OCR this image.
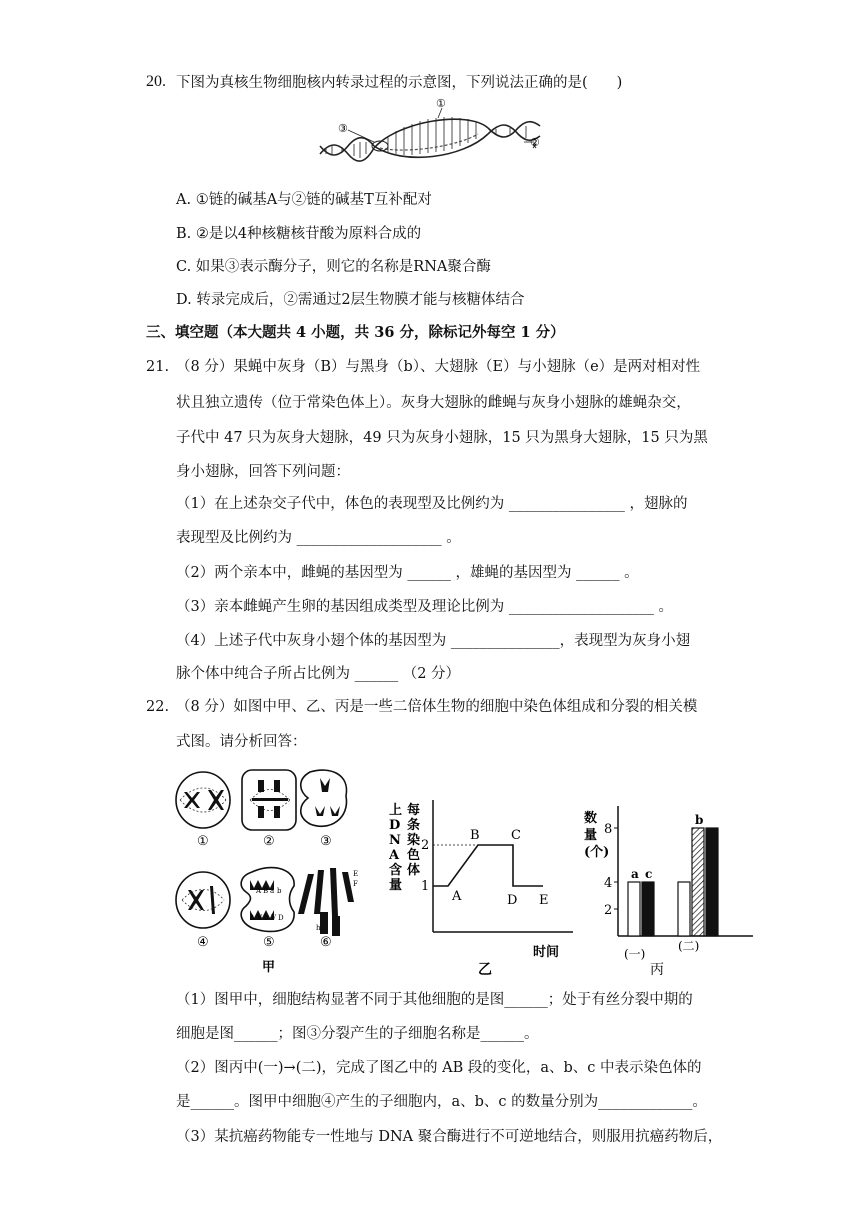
20. 下图为真核生物细胞核内转录过程的示意图，下列说法正确的是(　　)
①
②
③
A. ①链的碱基A与②链的碱基T互补配对
B. ②是以4种核糖核苷酸为原料合成的
C. 如果③表示酶分子，则它的名称是RNA聚合酶
D. 转录完成后，②需通过2层生物膜才能与核糖体结合
三、填空题（本大题共 4 小题，共 36 分，除标记外每空 1 分）
21. （8 分）果蝇中灰身（B）与黑身（b）、大翅脉（E）与小翅脉（e）是两对相对性
状且独立遗传（位于常染色体上）。灰身大翅脉的雌蝇与灰身小翅脉的雄蝇杂交，
子代中 47 只为灰身大翅脉，49 只为灰身小翅脉，15 只为黑身大翅脉，15 只为黑
身小翅脉，回答下列问题：
（1）在上述杂交子代中，体色的表现型及比例约为 ________________ ，翅脉的
表现型及比例约为 ____________________ 。
（2）两个亲本中，雌蝇的基因型为 ______ ，雄蝇的基因型为 ______ 。
（3）亲本雌蝇产生卵的基因组成类型及理论比例为 ____________________ 。
（4）上述子代中灰身小翅个体的基因型为 _______________，表现型为灰身小翅
脉个体中纯合子所占比例为 ______ （2 分）
22. （8 分）如图中甲、乙、丙是一些二倍体生物的细胞中染色体组成和分裂的相关模
式图。请分析回答：
A B a b
A V b V D
E
F
h
①	②	③
④	⑤	⑥
甲
上 D N A 含量
每条染色体
2
1
A
B C
D E
时间
乙
数量(个)
2
4
8
a c
b
(一)
(二)
丙
（1）图甲中，细胞结构显著不同于其他细胞的是图______；处于有丝分裂中期的
细胞是图______；图③分裂产生的子细胞名称是______。
（2）图丙中(一)→(二)，完成了图乙中的 AB 段的变化，a、b、c 中表示染色体的
是______。图甲中细胞④产生的子细胞内，a、b、c 的数量分别为_____________。
（3）某抗癌药物能专一性地与 DNA 聚合酶进行不可逆地结合，则服用抗癌药物后，
